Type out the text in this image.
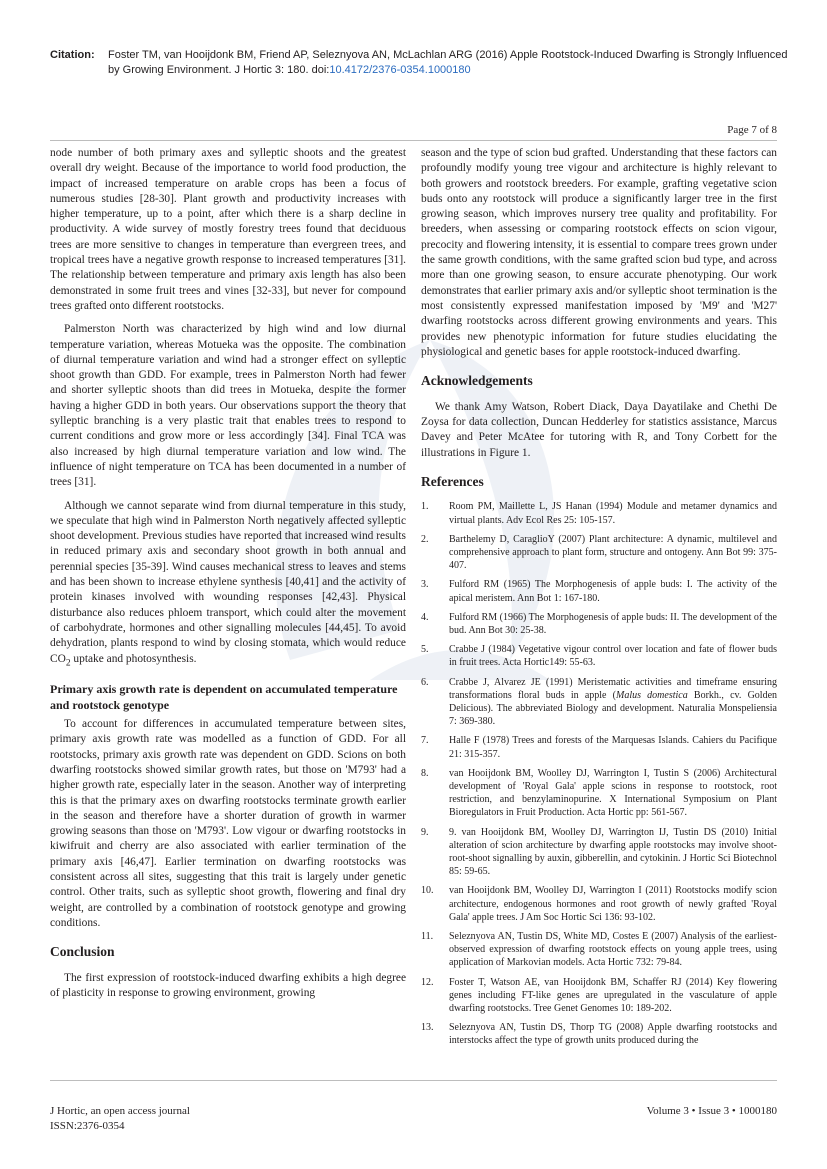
Citation: Foster TM, van Hooijdonk BM, Friend AP, Seleznyova AN, McLachlan ARG (2016) Apple Rootstock-Induced Dwarfing is Strongly Influenced by Growing Environment. J Hortic 3: 180. doi:10.4172/2376-0354.1000180
Page 7 of 8

node number of both primary axes and sylleptic shoots and the greatest overall dry weight. Because of the importance to world food production, the impact of increased temperature on arable crops has been a focus of numerous studies [28-30]. Plant growth and productivity increases with higher temperature, up to a point, after which there is a sharp decline in productivity. A wide survey of mostly forestry trees found that deciduous trees are more sensitive to changes in temperature than evergreen trees, and tropical trees have a negative growth response to increased temperatures [31]. The relationship between temperature and primary axis length has also been demonstrated in some fruit trees and vines [32-33], but never for compound trees grafted onto different rootstocks.

Palmerston North was characterized by high wind and low diurnal temperature variation, whereas Motueka was the opposite. The combination of diurnal temperature variation and wind had a stronger effect on sylleptic shoot growth than GDD. For example, trees in Palmerston North had fewer and shorter sylleptic shoots than did trees in Motueka, despite the former having a higher GDD in both years. Our observations support the theory that sylleptic branching is a very plastic trait that enables trees to respond to current conditions and grow more or less accordingly [34]. Final TCA was also increased by high diurnal temperature variation and low wind. The influence of night temperature on TCA has been documented in a number of trees [31].

Although we cannot separate wind from diurnal temperature in this study, we speculate that high wind in Palmerston North negatively affected sylleptic shoot development. Previous studies have reported that increased wind results in reduced primary axis and secondary shoot growth in both annual and perennial species [35-39]. Wind causes mechanical stress to leaves and stems and has been shown to increase ethylene synthesis [40,41] and the activity of protein kinases involved with wounding responses [42,43]. Physical disturbance also reduces phloem transport, which could alter the movement of carbohydrate, hormones and other signalling molecules [44,45]. To avoid dehydration, plants respond to wind by closing stomata, which would reduce $CO_2$ uptake and photosynthesis.

Primary axis growth rate is dependent on accumulated temperature and rootstock genotype

To account for differences in accumulated temperature between sites, primary axis growth rate was modelled as a function of GDD. For all rootstocks, primary axis growth rate was dependent on GDD. Scions on both dwarfing rootstocks showed similar growth rates, but those on 'M793' had a higher growth rate, especially later in the season. Another way of interpreting this is that the primary axes on dwarfing rootstocks terminate growth earlier in the season and therefore have a shorter duration of growth in warmer growing seasons than those on 'M793'. Low vigour or dwarfing rootstocks in kiwifruit and cherry are also associated with earlier termination of the primary axis [46,47]. Earlier termination on dwarfing rootstocks was consistent across all sites, suggesting that this trait is largely under genetic control. Other traits, such as sylleptic shoot growth, flowering and final dry weight, are controlled by a combination of rootstock genotype and growing conditions.

Conclusion

The first expression of rootstock-induced dwarfing exhibits a high degree of plasticity in response to growing environment, growing

season and the type of scion bud grafted. Understanding that these factors can profoundly modify young tree vigour and architecture is highly relevant to both growers and rootstock breeders. For example, grafting vegetative scion buds onto any rootstock will produce a significantly larger tree in the first growing season, which improves nursery tree quality and profitability. For breeders, when assessing or comparing rootstock effects on scion vigour, precocity and flowering intensity, it is essential to compare trees grown under the same growth conditions, with the same grafted scion bud type, and across more than one growing season, to ensure accurate phenotyping. Our work demonstrates that earlier primary axis and/or sylleptic shoot termination is the most consistently expressed manifestation imposed by 'M9' and 'M27' dwarfing rootstocks across different growing environments and years. This provides new phenotypic information for future studies elucidating the physiological and genetic bases for apple rootstock-induced dwarfing.

Acknowledgements

We thank Amy Watson, Robert Diack, Daya Dayatilake and Chethi De Zoysa for data collection, Duncan Hedderley for statistics assistance, Marcus Davey and Peter McAtee for tutoring with R, and Tony Corbett for the illustrations in Figure 1.

References
1. Room PM, Maillette L, JS Hanan (1994) Module and metamer dynamics and virtual plants. Adv Ecol Res 25: 105-157.
2. Barthelemy D, CaraglioY (2007) Plant architecture: A dynamic, multilevel and comprehensive approach to plant form, structure and ontogeny. Ann Bot 99: 375-407.
3. Fulford RM (1965) The Morphogenesis of apple buds: I. The activity of the apical meristem. Ann Bot 1: 167-180.
4. Fulford RM (1966) The Morphogenesis of apple buds: II. The development of the bud. Ann Bot 30: 25-38.
5. Crabbe J (1984) Vegetative vigour control over location and fate of flower buds in fruit trees. Acta Hortic149: 55-63.
6. Crabbe J, Alvarez JE (1991) Meristematic activities and timeframe ensuring transformations floral buds in apple (Malus domestica Borkh., cv. Golden Delicious). The abbreviated Biology and development. Naturalia Monspeliensia 7: 369-380.
7. Halle F (1978) Trees and forests of the Marquesas Islands. Cahiers du Pacifique 21: 315-357.
8. van Hooijdonk BM, Woolley DJ, Warrington I, Tustin S (2006) Architectural development of 'Royal Gala' apple scions in response to rootstock, root restriction, and benzylaminopurine. X International Symposium on Plant Bioregulators in Fruit Production. Acta Hortic pp: 561-567.
9. 9. van Hooijdonk BM, Woolley DJ, Warrington IJ, Tustin DS (2010) Initial alteration of scion architecture by dwarfing apple rootstocks may involve shoot-root-shoot signalling by auxin, gibberellin, and cytokinin. J Hortic Sci Biotechnol 85: 59-65.
10. van Hooijdonk BM, Woolley DJ, Warrington I (2011) Rootstocks modify scion architecture, endogenous hormones and root growth of newly grafted 'Royal Gala' apple trees. J Am Soc Hortic Sci 136: 93-102.
11. Seleznyova AN, Tustin DS, White MD, Costes E (2007) Analysis of the earliest-observed expression of dwarfing rootstock effects on young apple trees, using application of Markovian models. Acta Hortic 732: 79-84.
12. Foster T, Watson AE, van Hooijdonk BM, Schaffer RJ (2014) Key flowering genes including FT-like genes are upregulated in the vasculature of apple dwarfing rootstocks. Tree Genet Genomes 10: 189-202.
13. Seleznyova AN, Tustin DS, Thorp TG (2008) Apple dwarfing rootstocks and interstocks affect the type of growth units produced during the
J Hortic, an open access journal
ISSN:2376-0354
Volume 3 • Issue 3 • 1000180
